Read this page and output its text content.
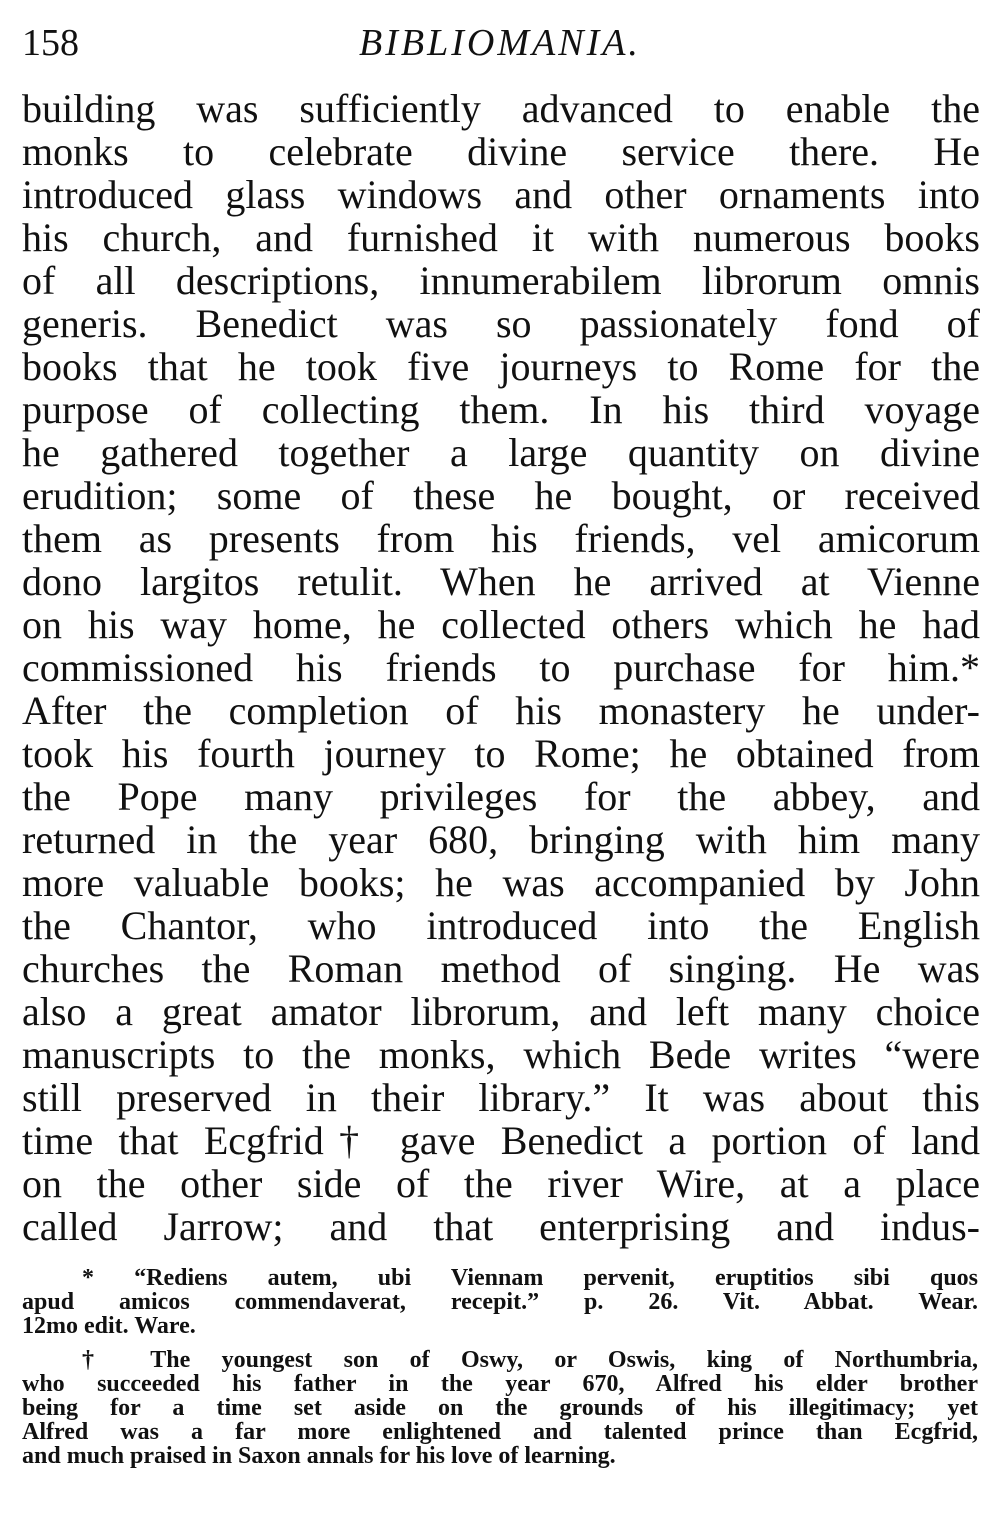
158	BIBLIOMANIA.
building was sufficiently advanced to enable the
monks to celebrate divine service there. He
introduced glass windows and other ornaments into
his church, and furnished it with numerous books
of all descriptions, innumerabilem librorum omnis
generis. Benedict was so passionately fond of
books that he took five journeys to Rome for the
purpose of collecting them. In his third voyage
he gathered together a large quantity on divine
erudition; some of these he bought, or received
them as presents from his friends, vel amicorum
dono largitos retulit. When he arrived at Vienne
on his way home, he collected others which he had
commissioned his friends to purchase for him.*
After the completion of his monastery he under-
took his fourth journey to Rome; he obtained from
the Pope many privileges for the abbey, and
returned in the year 680, bringing with him many
more valuable books; he was accompanied by John
the Chantor, who introduced into the English
churches the Roman method of singing. He was
also a great amator librorum, and left many choice
manuscripts to the monks, which Bede writes “were
still preserved in their library.” It was about this
time that Ecgfrid† gave Benedict a portion of land
on the other side of the river Wire, at a place
called Jarrow; and that enterprising and indus-
* “Rediens autem, ubi Viennam pervenit, eruptitios sibi quos
apud amicos commendaverat, recepit.” p. 26. Vit. Abbat. Wear.
12mo edit. Ware.
† The youngest son of Oswy, or Oswis, king of Northumbria,
who succeeded his father in the year 670, Alfred his elder brother
being for a time set aside on the grounds of his illegitimacy; yet
Alfred was a far more enlightened and talented prince than Ecgfrid,
and much praised in Saxon annals for his love of learning.
